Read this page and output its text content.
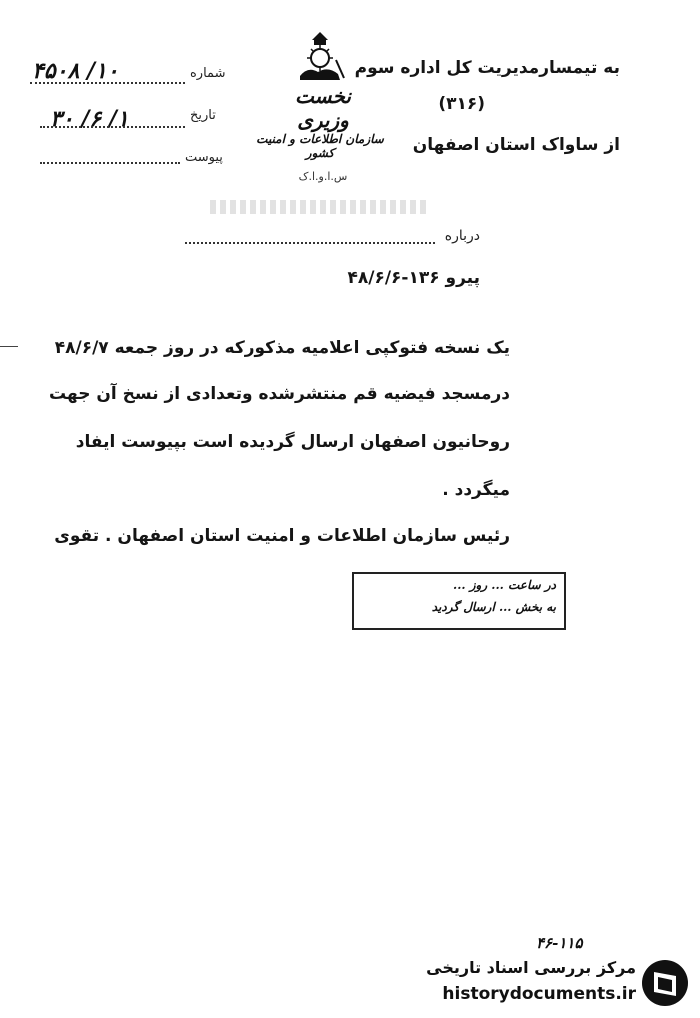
به تیمسارمدیریت کل اداره سوم
(۳۱۶)
از ساواک استان اصفهان
نخست وزیری
سازمان اطلاعات و امنیت کشور
س.ا.و.ا.ک
شماره
تاریخ
پیوست
۴۵۰۸ /۱۰
۳۰ /۶ /۱
درباره
پیرو ۱۳۶-۴۸/۶/۶
یک نسخه فتوکپی اعلامیه مذکورکه در روز جمعه ۴۸/۶/۷
درمسجد فیضیه قم منتشرشده وتعدادی از نسخ آن جهت
روحانیون اصفهان ارسال گردیده است بپیوست ایفاد
میگردد .
رئیس سازمان اطلاعات و امنیت استان اصفهان . تقوی
در ساعت ... روز ...
به بخش ... ارسال گردید
۴۶-۱۱۵
مرکز بررسی اسناد تاریخی
historydocuments.ir
